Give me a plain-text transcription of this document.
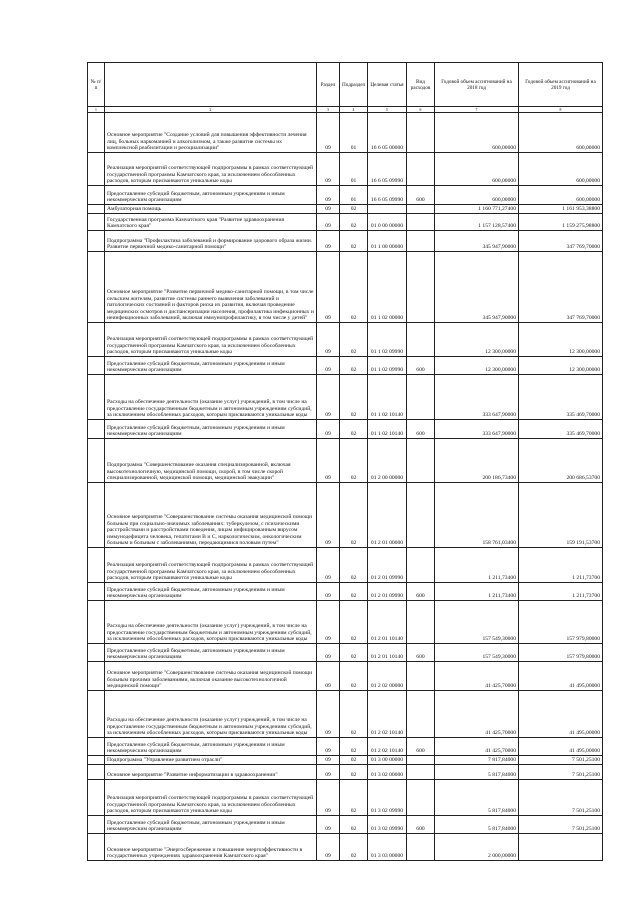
№ п/п		Раздел	Подраздел	Целевая статья	Вид расходов	Годовой объем ассигнований на 2018 год	Годовой объем ассигнований на 2019 год
1	2	3	4	5	6	7	8
	Основное мероприятие "Создание условий для повышения эффективности лечения лиц, больных наркоманией и алкоголизмом, а также развитие системы их комплексной реабилитации и ресоциализации"	09	01	16 6 05 00000		600,00000	600,00000
	Реализация мероприятий соответствующей подпрограммы в рамках соответствующей государственной программы Камчатского края, за исключением обособленных расходов, которым присваиваются уникальные коды	09	01	16 6 05 09990		600,00000	600,00000
	Предоставление субсидий бюджетным, автономным учреждениям и иным некоммерческим организациям	09	01	16 6 05 09990	600	600,00000	600,00000
	Амбулаторная помощь	09	02			1 160 771,27400	1 161 953,38800
	Государственная программа Камчатского края "Развитие здравоохранения Камчатского края"	09	02	01 0 00 00000		1 157 128,57400	1 159 275,98800
	Подпрограмма "Профилактика заболеваний и формирование здорового образа жизни. Развитие первичной медико-санитарной помощи"	09	02	01 1 00 00000		345 947,90000	347 769,70000
	Основное мероприятие "Развитие первичной медико-санитарной помощи, в том числе сельским жителям, развитие системы раннего выявления заболеваний и патологических состояний и факторов риска их развития, включая проведение медицинских осмотров и диспансеризации населения, профилактика инфекционных и неинфекционных заболеваний, включая иммунопрофилактику, в том числе у детей"	09	02	01 1 02 00000		345 947,90000	347 769,70000
	Реализация мероприятий соответствующей подпрограммы в рамках соответствующей государственной программы Камчатского края, за исключением обособленных расходов, которым присваиваются уникальные коды	09	02	01 1 02 09990		12 300,00000	12 300,00000
	Предоставление субсидий бюджетным, автономным учреждениям и иным некоммерческим организациям	09	02	01 1 02 09990	600	12 300,00000	12 300,00000
	Расходы на обеспечение деятельности (оказание услуг) учреждений, в том числе на предоставление государственным бюджетным и автономным учреждениям субсидий, за исключением обособленных расходов, которым присваиваются уникальные коды	09	02	01 1 02 10140		333 647,90000	335 469,70000
	Предоставление субсидий бюджетным, автономным учреждениям и иным некоммерческим организациям	09	02	01 1 02 10140	600	333 647,90000	335 469,70000
	Подпрограмма "Совершенствование оказания специализированной, включая высокотехнологичную, медицинской помощи, скорой, в том числе скорой специализированной, медицинской помощи, медицинской эвакуации"	09	02	01 2 00 00000		200 186,73400	200 686,53700
	Основное мероприятие "Совершенствование системы оказания медицинской помощи больным при социально-значимых заболеваниях: туберкулезом, с психическими расстройствами и расстройствами поведения, лицам инфицированным вирусом иммунодефицита человека, гепатитами В и С, наркологическим, онкологическим больным и больным с заболеваниями, передающимися половым путем"	09	02	01 2 01 00000		158 761,03400	159 191,53700
	Реализация мероприятий соответствующей подпрограммы в рамках соответствующей государственной программы Камчатского края, за исключением обособленных расходов, которым присваиваются уникальные коды	09	02	01 2 01 09990		1 211,73400	1 211,73700
	Предоставление субсидий бюджетным, автономным учреждениям и иным некоммерческим организациям	09	02	01 2 01 09990	600	1 211,73400	1 211,73700
	Расходы на обеспечение деятельности (оказание услуг) учреждений, в том числе на предоставление государственным бюджетным и автономным учреждениям субсидий, за исключением обособленных расходов, которым присваиваются уникальные коды	09	02	01 2 01 10140		157 549,30000	157 979,80000
	Предоставление субсидий бюджетным, автономным учреждениям и иным некоммерческим организациям	09	02	01 2 01 10140	600	157 549,30000	157 979,80000
	Основное мероприятие "Совершенствование системы оказания медицинской помощи больным прочими заболеваниями, включая оказание высокотехнологичной медицинской помощи"	09	02	01 2 02 00000		41 425,70000	41 495,00000
	Расходы на обеспечение деятельности (оказание услуг) учреждений, в том числе на предоставление государственным бюджетным и автономным учреждениям субсидий, за исключением обособленных расходов, которым присваиваются уникальные коды	09	02	01 2 02 10140		41 425,70000	41 495,00000
	Предоставление субсидий бюджетным, автономным учреждениям и иным некоммерческим организациям	09	02	01 2 02 10140	600	41 425,70000	41 495,00000
	Подпрограмма "Управление развитием отрасли"	09	02	01 3 00 00000		7 817,84000	7 501,25100
	Основное мероприятие "Развитие информатизации в здравоохранении"	09	02	01 3 02 00000		5 817,84000	7 501,25100
	Реализация мероприятий соответствующей подпрограммы в рамках соответствующей государственной программы Камчатского края, за исключением обособленных расходов, которым присваиваются уникальные коды	09	02	01 3 02 09990		5 817,84000	7 501,25100
	Предоставление субсидий бюджетным, автономным учреждениям и иным некоммерческим организациям	09	02	01 3 02 09990	600	5 817,84000	7 501,25100
	Основное мероприятие "Энергосбережение и повышение энергоэффективности в государственных учреждениях здравоохранения Камчатского края"	09	02	01 3 03 00000		2 000,00000	
